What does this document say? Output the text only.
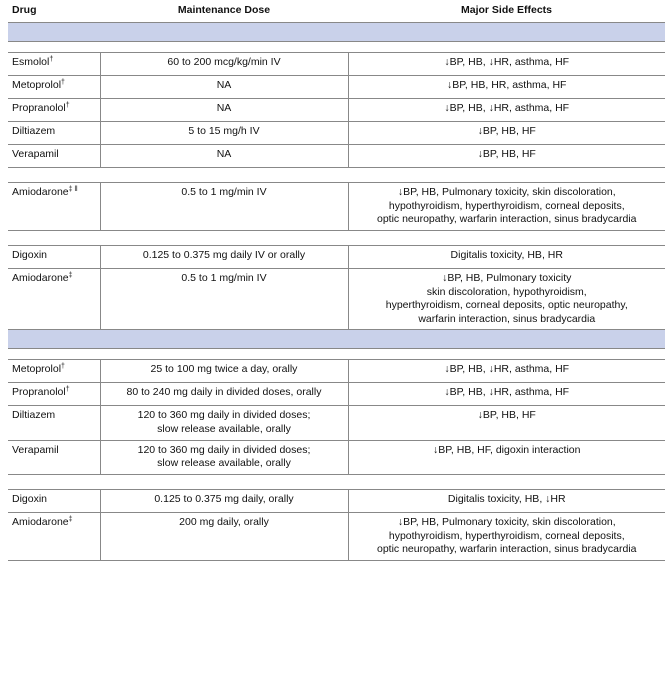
Drug	Maintenance Dose	Major Side Effects

Esmolol†	60 to 200 mcg/kg/min IV	↓BP, HB, ↓HR, asthma, HF

Metoprolol†	NA	↓BP, HB, HR, asthma, HF

Propranolol†	NA	↓BP, HB, ↓HR, asthma, HF

Diltiazem	5 to 15 mg/h IV	↓BP, HB, HF

Verapamil	NA	↓BP, HB, HF

Amiodarone$^{\ddagger ll}$	0.5 to 1 mg/min IV	↓BP, HB, Pulmonary toxicity, skin discoloration,
hypothyroidism, hyperthyroidism, corneal deposits,
optic neuropathy, warfarin interaction, sinus bradycardia

Digoxin	0.125 to 0.375 mg daily IV or orally	Digitalis toxicity, HB, HR

Amiodarone‡	0.5 to 1 mg/min IV	↓BP, HB, Pulmonary toxicity
skin discoloration, hypothyroidism,
hyperthyroidism, corneal deposits, optic neuropathy,
warfarin interaction, sinus bradycardia

Metoprolol†	25 to 100 mg twice a day, orally	↓BP, HB, ↓HR, asthma, HF

Propranolol†	80 to 240 mg daily in divided doses, orally	↓BP, HB, ↓HR, asthma, HF

Diltiazem	120 to 360 mg daily in divided doses;
slow release available, orally	↓BP, HB, HF

Verapamil	120 to 360 mg daily in divided doses;
slow release available, orally	↓BP, HB, HF, digoxin interaction

Digoxin	0.125 to 0.375 mg daily, orally	Digitalis toxicity, HB, ↓HR

Amiodarone‡	200 mg daily, orally	↓BP, HB, Pulmonary toxicity, skin discoloration,
hypothyroidism, hyperthyroidism, corneal deposits,
optic neuropathy, warfarin interaction, sinus bradycardia
